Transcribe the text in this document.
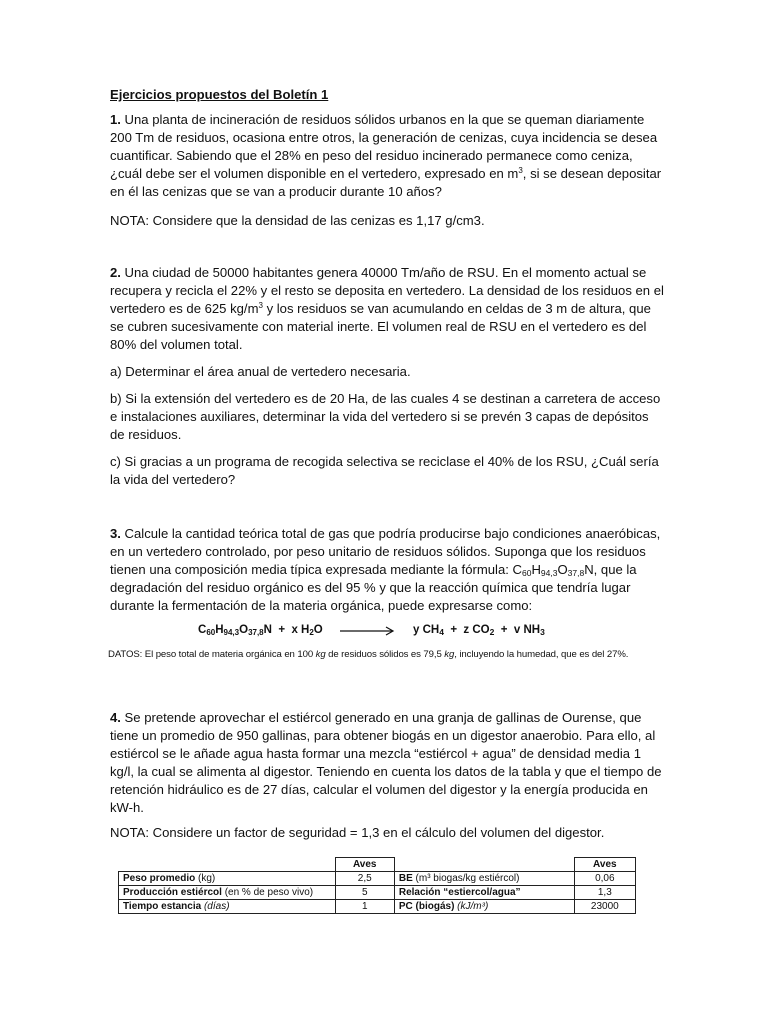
Ejercicios propuestos del Boletín 1

1. Una planta de incineración de residuos sólidos urbanos en la que se queman diariamente 200 Tm de residuos, ocasiona entre otros, la generación de cenizas, cuya incidencia se desea cuantificar. Sabiendo que el 28% en peso del residuo incinerado permanece como ceniza, ¿cuál debe ser el volumen disponible en el vertedero, expresado en $m^3$, si se desean depositar en él las cenizas que se van a producir durante 10 años?

NOTA: Considere que la densidad de las cenizas es 1,17 g/cm3.

2. Una ciudad de 50000 habitantes genera 40000 Tm/año de RSU. En el momento actual se recupera y recicla el 22% y el resto se deposita en vertedero. La densidad de los residuos en el vertedero es de 625 $kg/m^3$ y los residuos se van acumulando en celdas de 3 m de altura, que se cubren sucesivamente con material inerte. El volumen real de RSU en el vertedero es del 80% del volumen total.

a) Determinar el área anual de vertedero necesaria.

b) Si la extensión del vertedero es de 20 Ha, de las cuales 4 se destinan a carretera de acceso e instalaciones auxiliares, determinar la vida del vertedero si se prevén 3 capas de depósitos de residuos.

c) Si gracias a un programa de recogida selectiva se reciclase el 40% de los RSU, ¿Cuál sería la vida del vertedero?

3. Calcule la cantidad teórica total de gas que podría producirse bajo condiciones anaeróbicas, en un vertedero controlado, por peso unitario de residuos sólidos. Suponga que los residuos tienen una composición media típica expresada mediante la fórmula: $C_{60}H_{94,3}O_{37,8}N$, que la degradación del residuo orgánico es del 95 % y que la reacción química que tendría lugar durante la fermentación de la materia orgánica, puede expresarse como:

$C_{60}H_{94,3}O_{37,8}N + x$ $H_2O \to y$ $CH_4 + z$ $CO_2 + v$ $NH_3$
DATOS: El peso total de materia orgánica en 100 kg de residuos sólidos es 79,5 kg, incluyendo la humedad, que es del 27%.

4. Se pretende aprovechar el estiércol generado en una granja de gallinas de Ourense, que tiene un promedio de 950 gallinas, para obtener biogás en un digestor anaerobio. Para ello, al estiércol se le añade agua hasta formar una mezcla “estiércol + agua” de densidad media 1 kg/l, la cual se alimenta al digestor. Teniendo en cuenta los datos de la tabla y que el tiempo de retención hidráulico es de 27 días, calcular el volumen del digestor y la energía producida en kW-h.

NOTA: Considere un factor de seguridad = 1,3 en el cálculo del volumen del digestor.

	Aves		Aves
Peso promedio (kg)	2,5	BE (m³ biogas/kg estiércol)	0,06
Producción estiércol (en % de peso vivo)	5	Relación “estiercol/agua”	1,3
Tiempo estancia (días)	1	PC (biogás) (kJ/m³)	23000
